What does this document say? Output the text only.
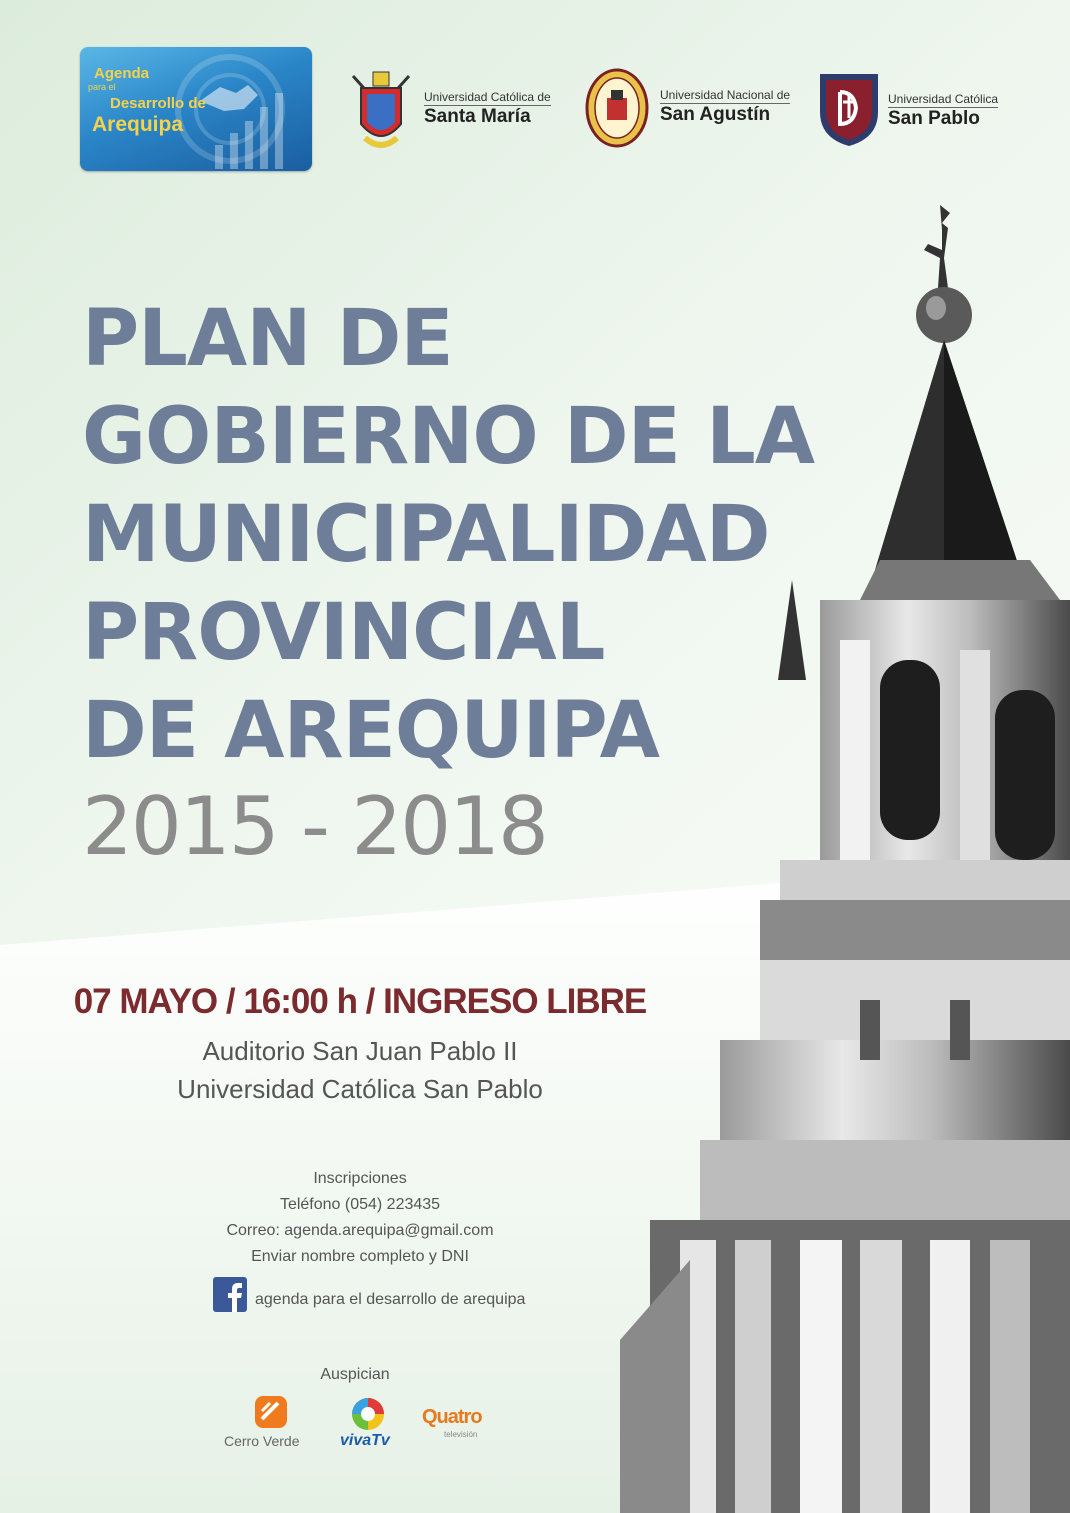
Agenda
para el
Desarrollo de
Arequipa
Universidad Católica de
Santa María
Universidad Nacional de
San Agustín
Universidad Católica
San Pablo
PLAN DE
GOBIERNO DE LA
MUNICIPALIDAD
PROVINCIAL
DE AREQUIPA
2015 - 2018
07 MAYO / 16:00 h / INGRESO LIBRE
Auditorio San Juan Pablo II
Universidad Católica San Pablo
Inscripciones
Teléfono (054) 223435
Correo: agenda.arequipa@gmail.com
Enviar nombre completo y DNI
agenda para el desarrollo de arequipa
Auspician
Cerro Verde	vivaTv
Quatro
televisión
